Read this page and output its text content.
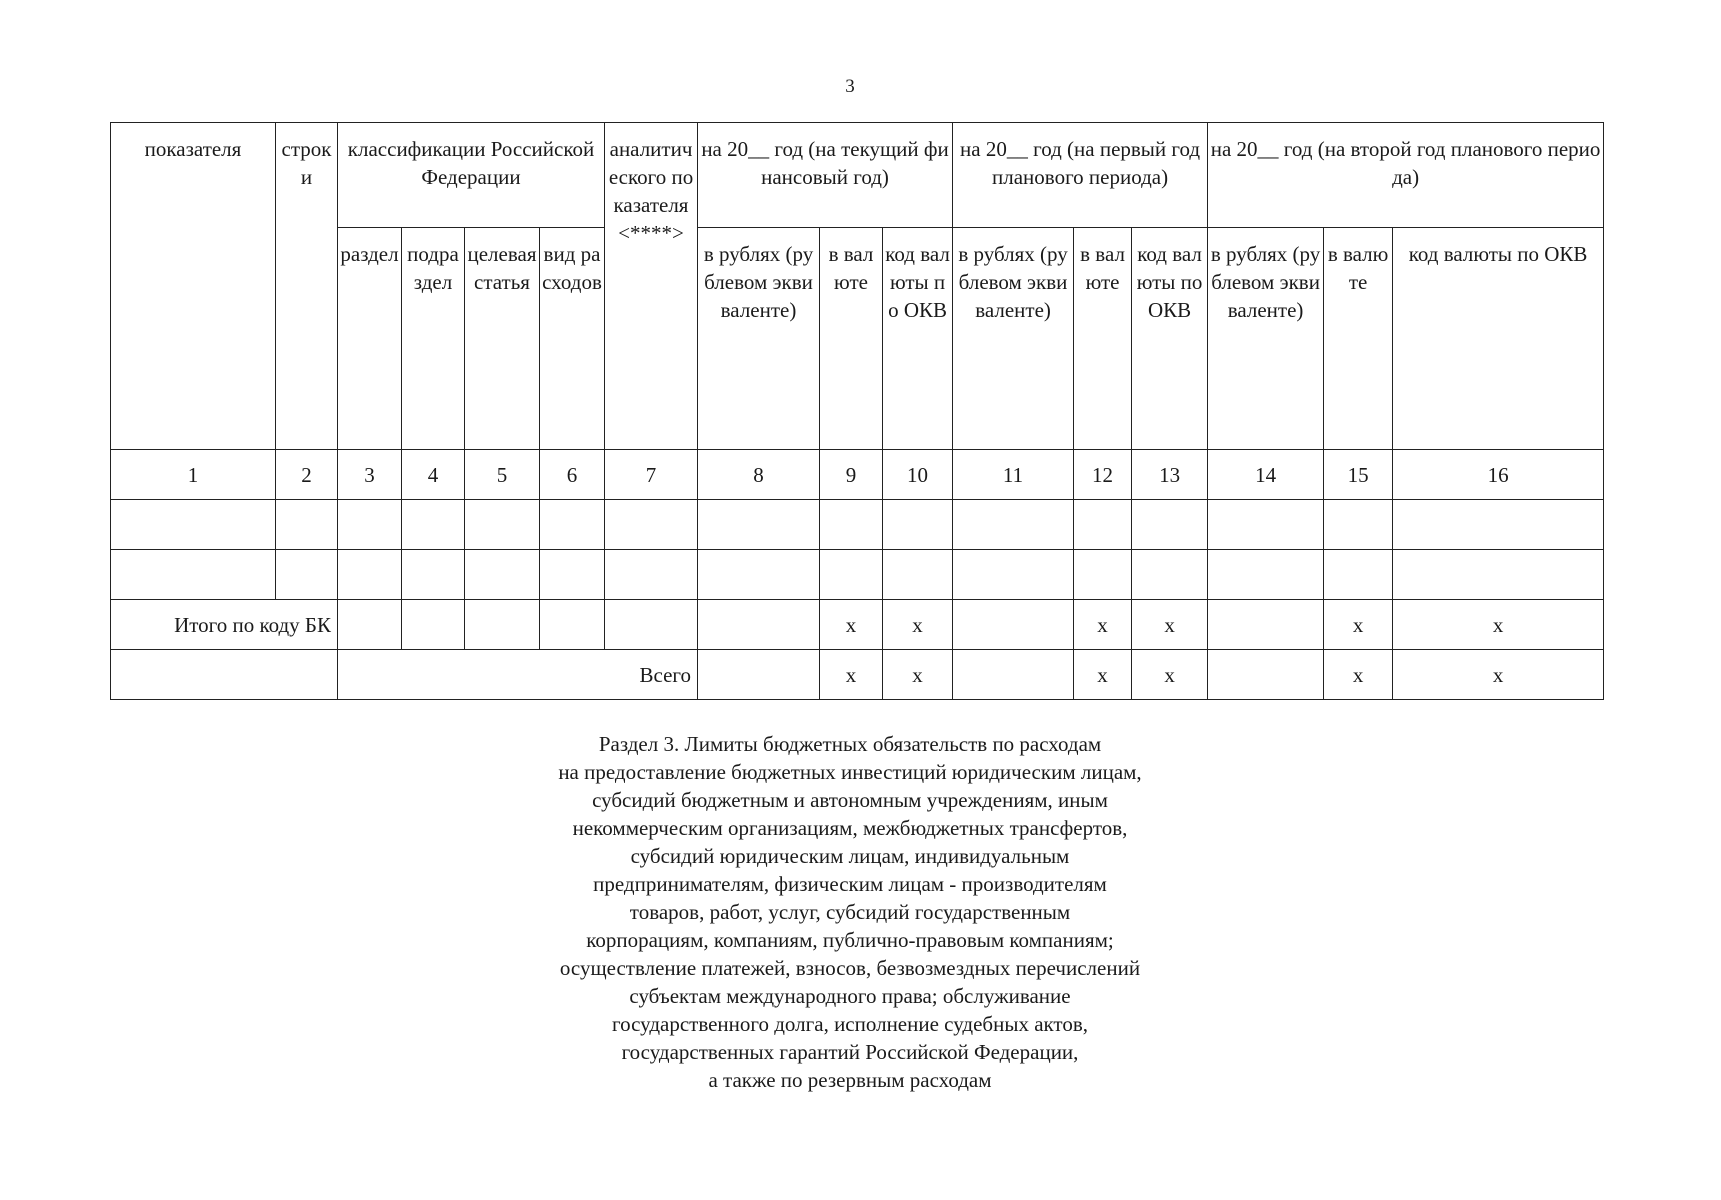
3
показателя	строки	классификации Российской Федерации				аналитического показателя <****>	на 20__ год (на текущий финансовый год)			на 20__ год (на первый год планового периода)			на 20__ год (на второй год планового периода)		
		раздел	подраздел	целевая статья	вид расходов		в рублях (рублевом эквиваленте)	в валюте	код валюты по ОКВ	в рублях (рублевом эквиваленте)	в валюте	код валюты по ОКВ	в рублях (рублевом эквиваленте)	в валюте	код валюты по ОКВ
1	2	3	4	5	6	7	8	9	10	11	12	13	14	15	16

Итого по коду БК								х	х		х	х		х	х
		Всего						х	х		х	х		х	х
Раздел 3. Лимиты бюджетных обязательств по расходам
на предоставление бюджетных инвестиций юридическим лицам,
субсидий бюджетным и автономным учреждениям, иным
некоммерческим организациям, межбюджетных трансфертов,
субсидий юридическим лицам, индивидуальным
предпринимателям, физическим лицам - производителям
товаров, работ, услуг, субсидий государственным
корпорациям, компаниям, публично-правовым компаниям;
осуществление платежей, взносов, безвозмездных перечислений
субъектам международного права; обслуживание
государственного долга, исполнение судебных актов,
государственных гарантий Российской Федерации,
а также по резервным расходам
